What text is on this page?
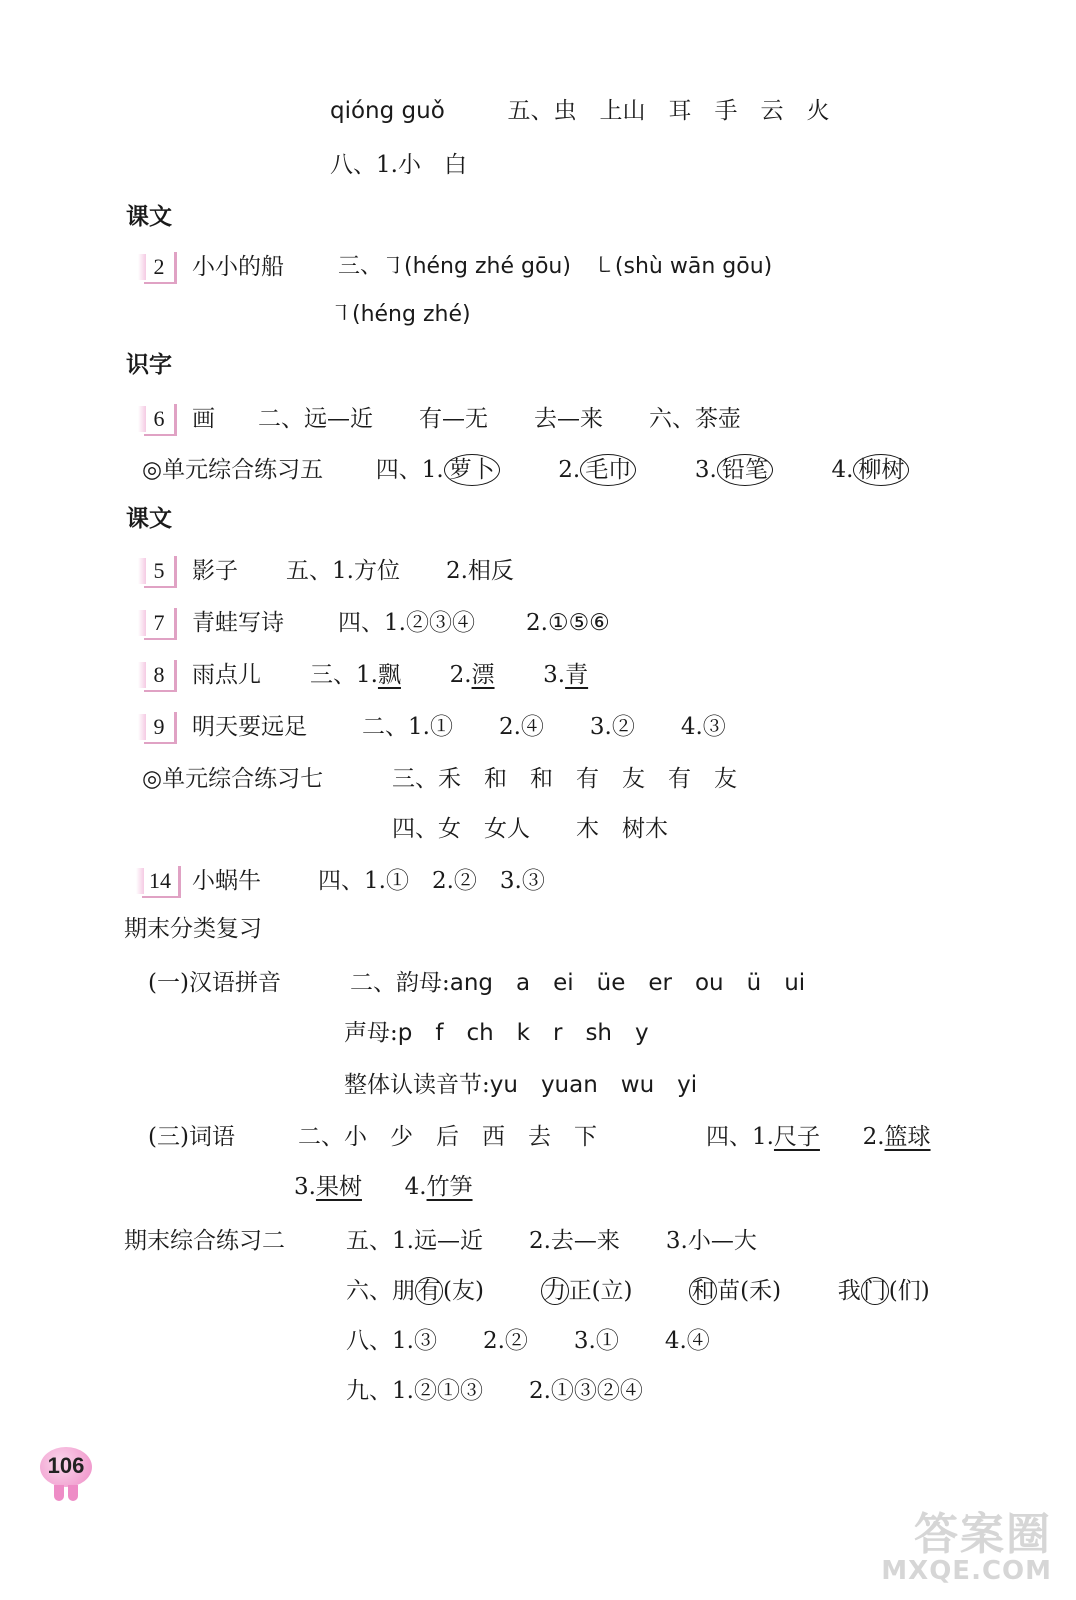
qióng guǒ	五、虫　上山　耳　手　云　火
八、1.小　白
课文
2	小小的船 三、㇆(héng zhé gōu)　㇄(shù wān gōu)
㇕(héng zhé)
识字
6	画 二、远—近　　有—无　　去—来　　六、茶壶
◎单元综合练习五 四、1. 萝卜	2. 毛巾	3. 铅笔	4. 柳树
课文
5	影子 五、1.方位　　2.相反
7	青蛙写诗 四、1.②③④ 2.①⑤⑥
8	雨点儿 三、1.飘 2.漂 3.青
9	明天要远足 二、1.①　　2.④　　3.②　　4.③
◎单元综合练习七	三、禾　和　和　有　友　有　友
四、女　女人　　木　树木
14 小蜗牛 四、1.①　2.②　3.③
期末分类复习
(一)汉语拼音	二、韵母:ang　a　ei　üe　er　ou　ü　ui
声母:p　f　ch　k　r　sh　y
整体认读音节:yu　yuan　wu　yi
(三)词语	二、小　少　后　西　去　下	四、1.尺子 2.篮球
3.果树 4.竹笋
期末综合练习二	五、1.远—近　　2.去—来　　3.小—大
六、朋 有 (友)	力 正(立)	和 苗(禾) 我 门 (们)
八、1.③　　2.②　　3.①　　4.④
九、1.②①③　　2.①③②④
106
答案圈
MXQE.COM
